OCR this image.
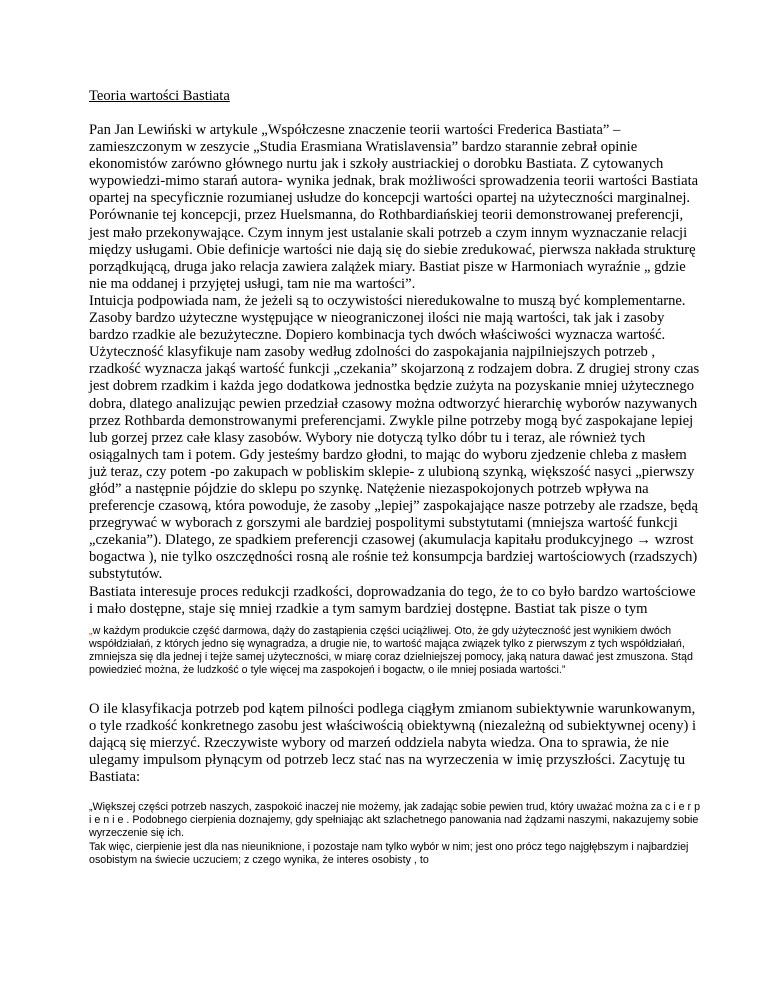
Teoria wartości Bastiata

Pan Jan Lewiński w artykule „Współczesne znaczenie teorii wartości Frederica Bastiata” – zamieszczonym w zeszycie „Studia Erasmiana Wratislavensia” bardzo starannie zebrał opinie ekonomistów zarówno głównego nurtu jak i szkoły austriackiej o dorobku Bastiata. Z cytowanych wypowiedzi-mimo starań autora- wynika jednak, brak możliwości sprowadzenia teorii wartości Bastiata opartej na specyficznie rozumianej usłudze do koncepcji wartości opartej na użyteczności marginalnej. Porównanie tej koncepcji, przez Huelsmanna, do Rothbardiańskiej teorii demonstrowanej preferencji, jest mało przekonywające. Czym innym jest ustalanie skali potrzeb a czym innym wyznaczanie relacji między usługami. Obie definicje wartości nie dają się do siebie zredukować, pierwsza nakłada strukturę porządkującą, druga jako relacja zawiera zalążek miary. Bastiat pisze w Harmoniach wyraźnie „ gdzie nie ma oddanej i przyjętej usługi, tam nie ma wartości”.

Intuicja podpowiada nam, że jeżeli są to oczywistości nieredukowalne to muszą być komplementarne. Zasoby bardzo użyteczne występujące w nieograniczonej ilości nie mają wartości, tak jak i zasoby bardzo rzadkie ale bezużyteczne. Dopiero kombinacja tych dwóch właściwości wyznacza wartość. Użyteczność klasyfikuje nam zasoby według zdolności do zaspokajania najpilniejszych potrzeb , rzadkość wyznacza jakąś wartość funkcji „czekania” skojarzoną z rodzajem dobra. Z drugiej strony czas jest dobrem rzadkim i każda jego dodatkowa jednostka będzie zużyta na pozyskanie mniej użytecznego dobra, dlatego analizując pewien przedział czasowy można odtworzyć hierarchię wyborów nazywanych przez Rothbarda demonstrowanymi preferencjami. Zwykle pilne potrzeby mogą być zaspokajane lepiej lub gorzej przez całe klasy zasobów. Wybory nie dotyczą tylko dóbr tu i teraz, ale również tych osiągalnych tam i potem. Gdy jesteśmy bardzo głodni, to mając do wyboru zjedzenie chleba z masłem już teraz, czy potem -po zakupach w pobliskim sklepie- z ulubioną szynką, większość nasyci „pierwszy głód” a następnie pójdzie do sklepu po szynkę. Natężenie niezaspokojonych potrzeb wpływa na preferencje czasową, która powoduje, że zasoby „lepiej” zaspokajające nasze potrzeby ale rzadsze, będą przegrywać w wyborach z gorszymi ale bardziej pospolitymi substytutami (mniejsza wartość funkcji „czekania”). Dlatego, ze spadkiem preferencji czasowej (akumulacja kapitału produkcyjnego → wzrost bogactwa ), nie tylko oszczędności rosną ale rośnie też konsumpcja bardziej wartościowych (rzadszych) substytutów.

Bastiata interesuje proces redukcji rzadkości, doprowadzania do tego, że to co było bardzo wartościowe i mało dostępne, staje się mniej rzadkie a tym samym bardziej dostępne. Bastiat tak pisze o tym

„w każdym produkcie część darmowa, dąży do zastąpienia części uciążliwej. Oto, że gdy użyteczność jest wynikiem dwóch współdziałań, z których jedno się wynagradza, a drugie nie, to wartość mająca związek tylko z pierwszym z tych współdziałań, zmniejsza się dla jednej i tejże samej użyteczności, w miarę coraz dzielniejszej pomocy, jaką natura dawać jest zmuszona. Stąd powiedzieć można, że ludzkość o tyle więcej ma zaspokojeń i bogactw, o ile mniej posiada wartości.”

O ile klasyfikacja potrzeb pod kątem pilności podlega ciągłym zmianom subiektywnie warunkowanym, o tyle rzadkość konkretnego zasobu jest właściwością obiektywną (niezależną od subiektywnej oceny) i dającą się mierzyć. Rzeczywiste wybory od marzeń oddziela nabyta wiedza. Ona to sprawia, że nie ulegamy impulsom płynącym od potrzeb lecz stać nas na wyrzeczenia w imię przyszłości. Zacytuję tu Bastiata:

„Większej części potrzeb naszych, zaspokoić inaczej nie możemy, jak zadając sobie pewien trud, który uważać można za c i e r p i e n i e . Podobnego cierpienia doznajemy, gdy spełniając akt szlachetnego panowania nad żądzami naszymi, nakazujemy sobie wyrzeczenie się ich.

Tak więc, cierpienie jest dla nas nieuniknione, i pozostaje nam tylko wybór w nim; jest ono prócz tego najgłębszym i najbardziej osobistym na świecie uczuciem; z czego wynika, że interes osobisty , to
